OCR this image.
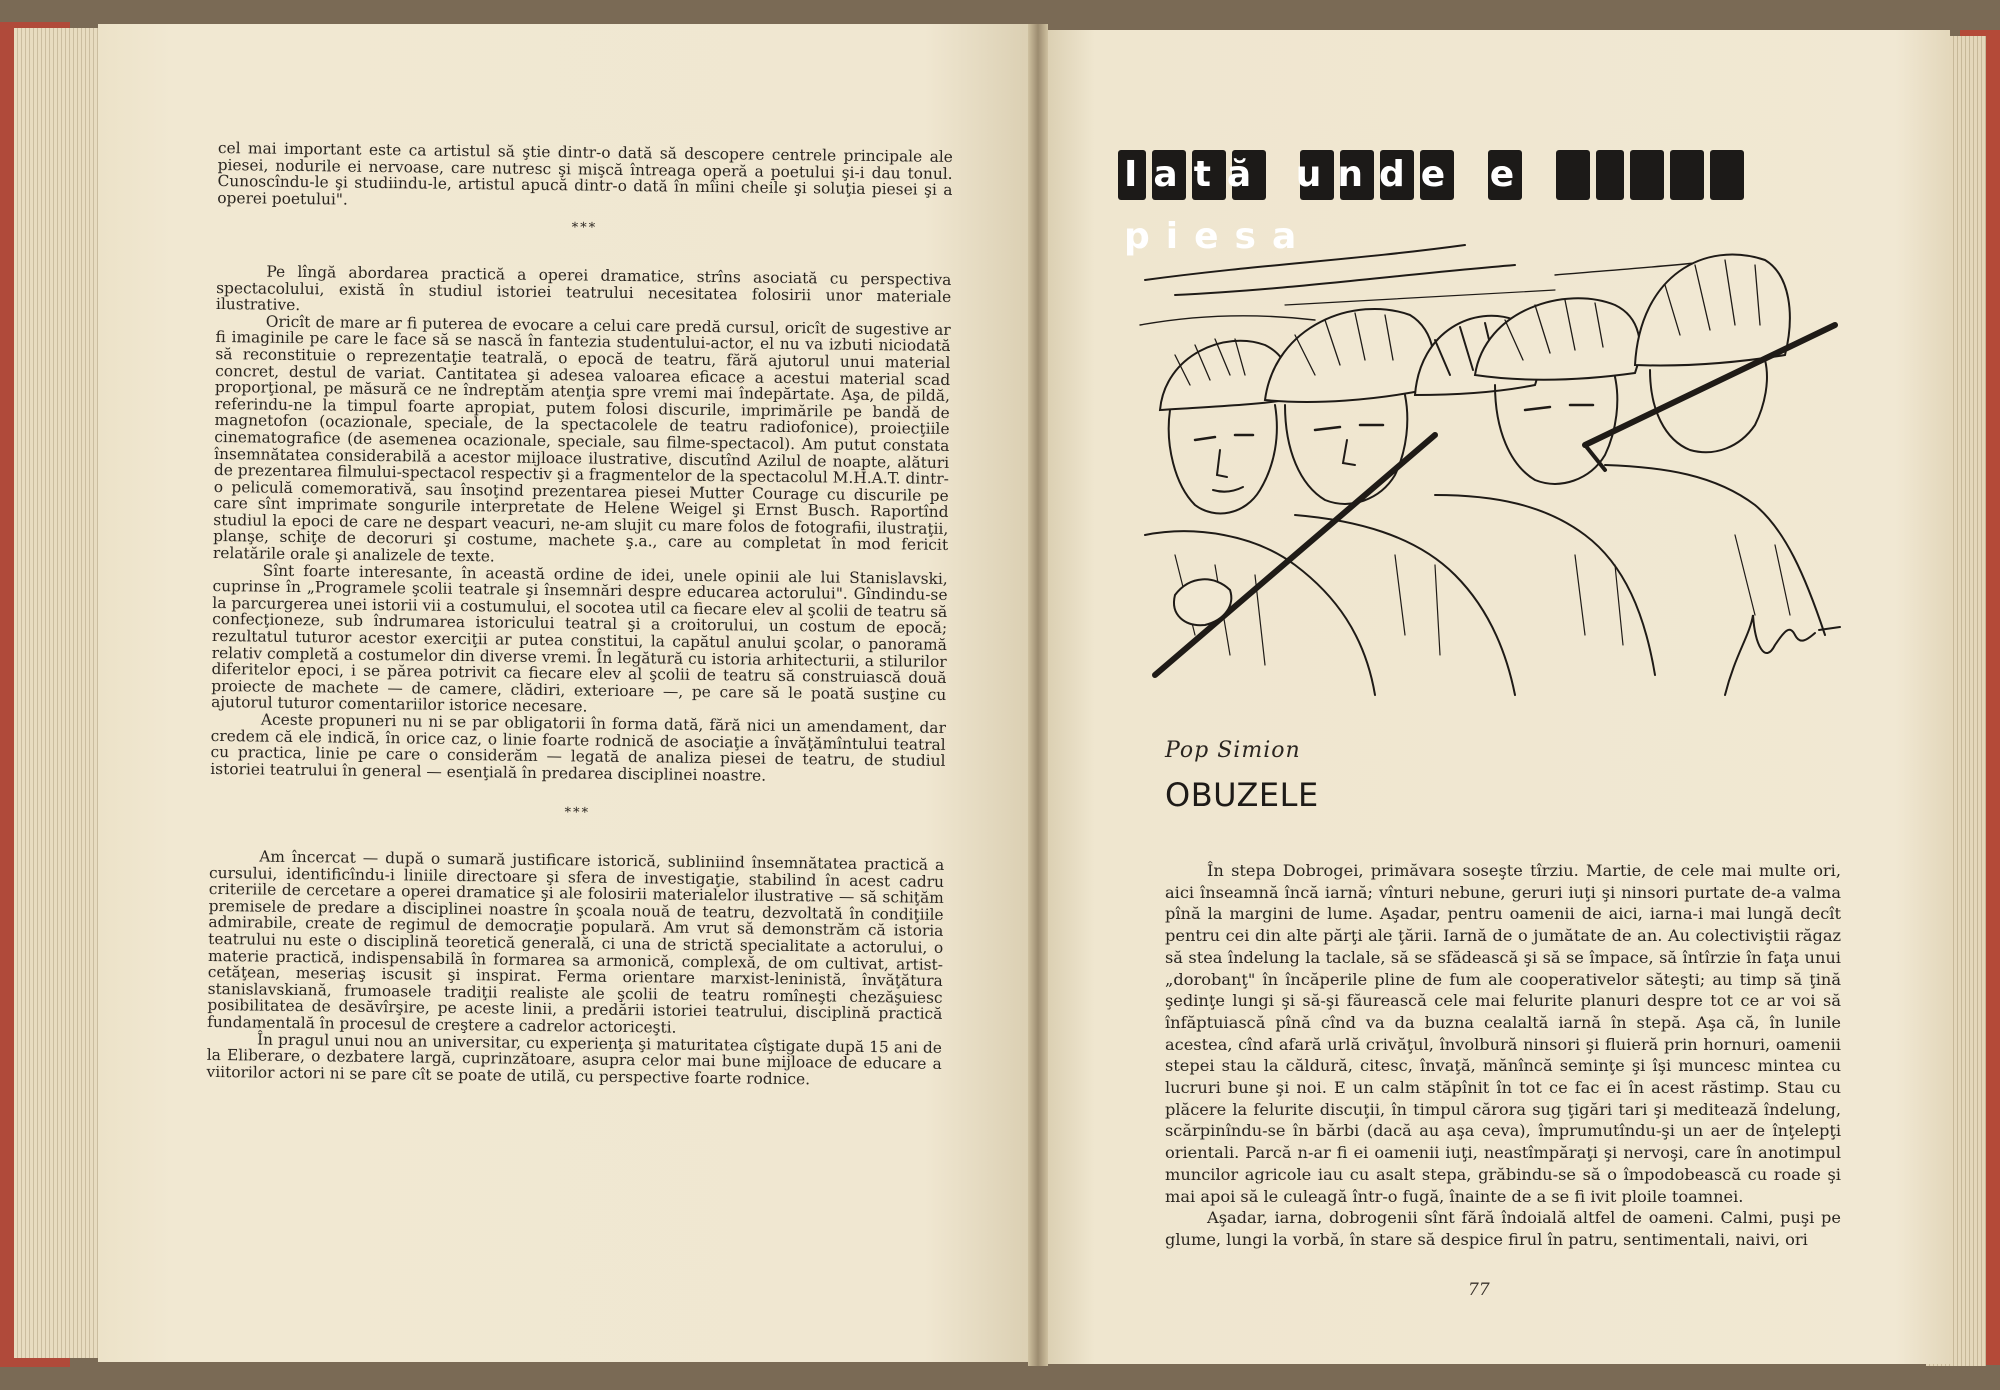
cel mai important este ca artistul să ştie dintr-o dată să descopere centrele principale ale piesei, nodurile ei nervoase, care nutresc şi mişcă întreaga operă a poetului şi-i dau tonul. Cunoscîndu-le şi studiindu-le, artistul apucă dintr-o dată în mîini cheile şi soluţia piesei şi a operei poetului".

***

Pe lîngă abordarea practică a operei dramatice, strîns asociată cu perspectiva spectacolului, există în studiul istoriei teatrului necesitatea folosirii unor materiale ilustrative.

Oricît de mare ar fi puterea de evocare a celui care predă cursul, oricît de sugestive ar fi imaginile pe care le face să se nască în fantezia studentului-actor, el nu va izbuti niciodată să reconstituie o reprezentaţie teatrală, o epocă de teatru, fără ajutorul unui material concret, destul de variat. Cantitatea şi adesea valoarea eficace a acestui material scad proporţional, pe măsură ce ne îndreptăm atenţia spre vremi mai îndepărtate. Aşa, de pildă, referindu-ne la timpul foarte apropiat, putem folosi discurile, imprimările pe bandă de magnetofon (ocazionale, speciale, de la spectacolele de teatru radiofonice), proiecţiile cinematografice (de asemenea ocazionale, speciale, sau filme-spectacol). Am putut constata însemnătatea considerabilă a acestor mijloace ilustrative, discutînd Azilul de noapte, alături de prezentarea filmului-spectacol respectiv şi a fragmentelor de la spectacolul M.H.A.T. dintr-o peliculă comemorativă, sau însoţind prezentarea piesei Mutter Courage cu discurile pe care sînt imprimate songurile interpretate de Helene Weigel şi Ernst Busch. Raportînd studiul la epoci de care ne despart veacuri, ne-am slujit cu mare folos de fotografii, ilustraţii, planşe, schiţe de decoruri şi costume, machete ş.a., care au completat în mod fericit relatările orale şi analizele de texte.

Sînt foarte interesante, în această ordine de idei, unele opinii ale lui Stanislavski, cuprinse în „Programele şcolii teatrale şi însemnări despre educarea actorului". Gîndindu-se la parcurgerea unei istorii vii a costumului, el socotea util ca fiecare elev al şcolii de teatru să confecţioneze, sub îndrumarea istoricului teatral şi a croitorului, un costum de epocă; rezultatul tuturor acestor exerciţii ar putea constitui, la capătul anului şcolar, o panoramă relativ completă a costumelor din diverse vremi. În legătură cu istoria arhitecturii, a stilurilor diferitelor epoci, i se părea potrivit ca fiecare elev al şcolii de teatru să construiască două proiecte de machete — de camere, clădiri, exterioare —, pe care să le poată susţine cu ajutorul tuturor comentariilor istorice necesare.

Aceste propuneri nu ni se par obligatorii în forma dată, fără nici un amendament, dar credem că ele indică, în orice caz, o linie foarte rodnică de asociaţie a învăţămîntului teatral cu practica, linie pe care o considerăm — legată de analiza piesei de teatru, de studiul istoriei teatrului în general — esenţială în predarea disciplinei noastre.

***

Am încercat — după o sumară justificare istorică, subliniind însemnătatea practică a cursului, identificîndu-i liniile directoare şi sfera de investigaţie, stabilind în acest cadru criteriile de cercetare a operei dramatice şi ale folosirii materialelor ilustrative — să schiţăm premisele de predare a disciplinei noastre în şcoala nouă de teatru, dezvoltată în condiţiile admirabile, create de regimul de democraţie populară. Am vrut să demonstrăm că istoria teatrului nu este o disciplină teoretică generală, ci una de strictă specialitate a actorului, o materie practică, indispensabilă în formarea sa armonică, complexă, de om cultivat, artist-cetăţean, meseriaş iscusit şi inspirat. Ferma orientare marxist-leninistă, învăţătura stanislavskiană, frumoasele tradiţii realiste ale şcolii de teatru romîneşti chezăşuiesc posibilitatea de desăvîrşire, pe aceste linii, a predării istoriei teatrului, disciplină practică fundamentală în procesul de creştere a cadrelor actoriceşti.

În pragul unui nou an universitar, cu experienţa şi maturitatea cîştigate după 15 ani de la Eliberare, o dezbatere largă, cuprinzătoare, asupra celor mai bune mijloace de educare a viitorilor actori ni se pare cît se poate de utilă, cu perspective foarte rodnice.

Iată unde e piesa
Pop Simion
OBUZELE

În stepa Dobrogei, primăvara soseşte tîrziu. Martie, de cele mai multe ori, aici înseamnă încă iarnă; vînturi nebune, geruri iuţi şi ninsori purtate de-a valma pînă la margini de lume. Aşadar, pentru oamenii de aici, iarna-i mai lungă decît pentru cei din alte părţi ale ţării. Iarnă de o jumătate de an. Au colectiviştii răgaz să stea îndelung la taclale, să se sfădească şi să se împace, să întîrzie în faţa unui „dorobanţ" în încăperile pline de fum ale cooperativelor săteşti; au timp să ţină şedinţe lungi şi să-şi făurească cele mai felurite planuri despre tot ce ar voi să înfăptuiască pînă cînd va da buzna cealaltă iarnă în stepă. Aşa că, în lunile acestea, cînd afară urlă crivăţul, învolbură ninsori şi fluieră prin hornuri, oamenii stepei stau la căldură, citesc, învaţă, mănîncă seminţe şi îşi muncesc mintea cu lucruri bune şi noi. E un calm stăpînit în tot ce fac ei în acest răstimp. Stau cu plăcere la felurite discuţii, în timpul cărora sug ţigări tari şi meditează îndelung, scărpinîndu-se în bărbi (dacă au aşa ceva), împrumutîndu-şi un aer de înţelepţi orientali. Parcă n-ar fi ei oamenii iuţi, neastîmpăraţi şi nervoşi, care în anotimpul muncilor agricole iau cu asalt stepa, grăbindu-se să o împodobească cu roade şi mai apoi să le culeagă într-o fugă, înainte de a se fi ivit ploile toamnei.

Aşadar, iarna, dobrogenii sînt fără îndoială altfel de oameni. Calmi, puşi pe glume, lungi la vorbă, în stare să despice firul în patru, sentimentali, naivi, ori

77
